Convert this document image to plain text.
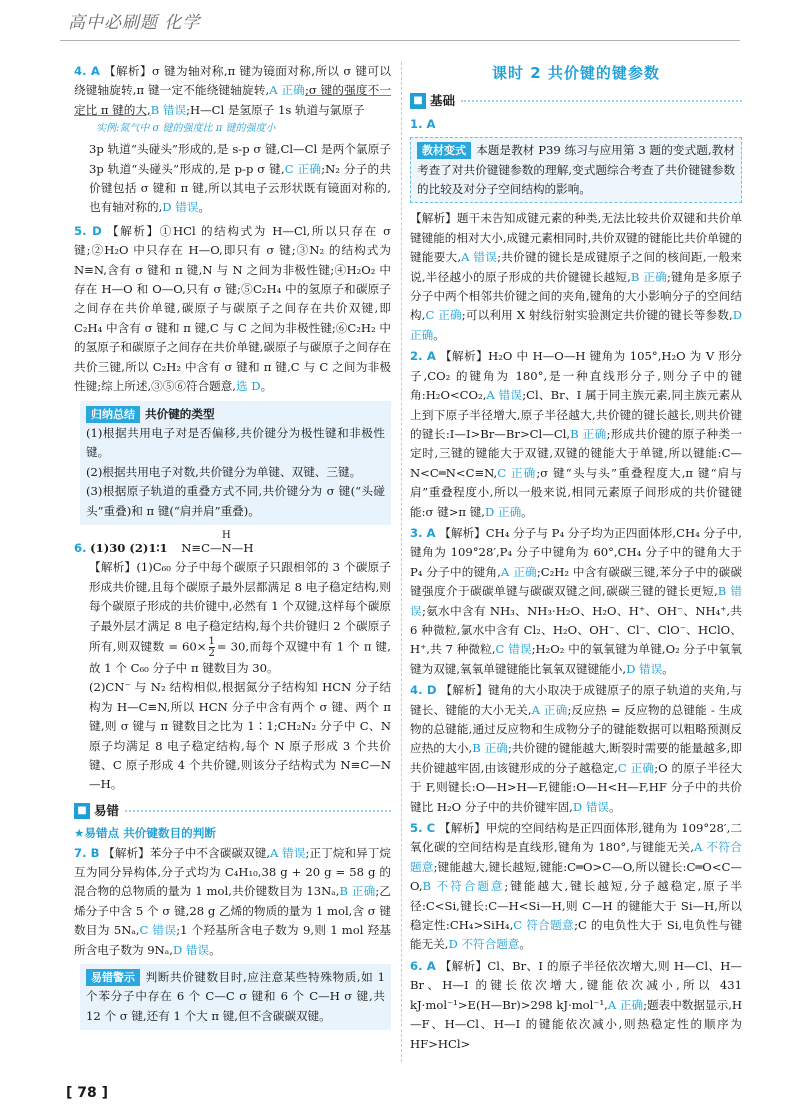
高中必刷题 化学

4. A 【解析】σ 键为轴对称,π 键为镜面对称,所以 σ 键可以绕键轴旋转,π 键一定不能绕键轴旋转,A 正确;σ 键的强度不一定比 π 键的大,B 错误;H—Cl 是氢原子 1s 轨道与氯原子

实例:氮气中 σ 键的强度比 π 键的强度小

3p 轨道“头碰头”形成的,是 s-p σ 键,Cl—Cl 是两个氯原子 3p 轨道“头碰头”形成的,是 p-p σ 键,C 正确;N₂ 分子的共价键包括 σ 键和 π 键,所以其电子云形状既有镜面对称的,也有轴对称的,D 错误。

5. D 【解析】①HCl 的结构式为 H—Cl,所以只存在 σ 键;②H₂O 中只存在 H—O,即只有 σ 键;③N₂ 的结构式为 N≡N,含有 σ 键和 π 键,N 与 N 之间为非极性键;④H₂O₂ 中存在 H—O 和 O—O,只有 σ 键;⑤C₂H₄ 中的氢原子和碳原子之间存在共价单键,碳原子与碳原子之间存在共价双键,即 C₂H₄ 中含有 σ 键和 π 键,C 与 C 之间为非极性键;⑥C₂H₂ 中的氢原子和碳原子之间存在共价单键,碳原子与碳原子之间存在共价三键,所以 C₂H₂ 中含有 σ 键和 π 键,C 与 C 之间为非极性键;综上所述,③⑤⑥符合题意,选 D。

归纳总结 共价键的类型

(1)根据共用电子对是否偏移,共价键分为极性键和非极性键。

(2)根据共用电子对数,共价键分为单键、双键、三键。

(3)根据原子轨道的重叠方式不同,共价键分为 σ 键(“头碰头”重叠)和 π 键(“肩并肩”重叠)。

6. (1)30 (2)1∶1
H
N≡C—N—H

【解析】(1)C₆₀ 分子中每个碳原子只跟相邻的 3 个碳原子形成共价键,且每个碳原子最外层都满足 8 电子稳定结构,则每个碳原子形成的共价键中,必然有 1 个双键,这样每个碳原子最外层才满足 8 电子稳定结构,每个共价键归 2 个碳原子所有,则双键数 = $60\times \frac{1}{2} = 30$,而每个双键中有 1 个 π 键,故 1 个 C₆₀ 分子中 π 键数目为 30。

(2)CN⁻ 与 N₂ 结构相似,根据氮分子结构知 HCN 分子结构为 H—C≡N,所以 HCN 分子中含有两个 σ 键、两个 π 键,则 σ 键与 π 键数目之比为 1∶1;CH₂N₂ 分子中 C、N 原子均满足 8 电子稳定结构,每个 N 原子形成 3 个共价键、C 原子形成 4 个共价键,则该分子结构式为 N≡C—N—H。

■ 易错

★易错点 共价键数目的判断

7. B 【解析】苯分子中不含碳碳双键,A 错误;正丁烷和异丁烷互为同分异构体,分子式均为 C₄H₁₀,38 g + 20 g = 58 g 的混合物的总物质的量为 1 mol,共价键数目为 13Nₐ,B 正确;乙烯分子中含 5 个 σ 键,28 g 乙烯的物质的量为 1 mol,含 σ 键数目为 5Nₐ,C 错误;1 个羟基所含电子数为 9,则 1 mol 羟基所含电子数为 9Nₐ,D 错误。

易错警示 判断共价键数目时,应注意某些特殊物质,如 1 个苯分子中存在 6 个 C—C σ 键和 6 个 C—H σ 键,共 12 个 σ 键,还有 1 个大 π 键,但不含碳碳双键。

课时 2 共价键的键参数
■ 基础

1. A

教材变式 本题是教材 P39 练习与应用第 3 题的变式题,教材考查了对共价键键参数的理解,变式题综合考查了共价键键参数的比较及对分子空间结构的影响。

【解析】题干未告知成键元素的种类,无法比较共价双键和共价单键键能的相对大小,成键元素相同时,共价双键的键能比共价单键的键能要大,A 错误;共价键的键长是成键原子之间的核间距,一般来说,半径越小的原子形成的共价键键长越短,B 正确;键角是多原子分子中两个相邻共价键之间的夹角,键角的大小影响分子的空间结构,C 正确;可以利用 X 射线衍射实验测定共价键的键长等参数,D 正确。

2. A 【解析】H₂O 中 H—O—H 键角为 105°,H₂O 为 V 形分子,CO₂ 的键角为 180°,是一种直线形分子,则分子中的键角:H₂O<CO₂,A 错误;Cl、Br、I 属于同主族元素,同主族元素从上到下原子半径增大,原子半径越大,共价键的键长越长,则共价键的键长:I—I>Br—Br>Cl—Cl,B 正确;形成共价键的原子种类一定时,三键的键能大于双键,双键的键能大于单键,所以键能:C—N<C═N<C≡N,C 正确;σ 键“头与头”重叠程度大,π 键“肩与肩”重叠程度小,所以一般来说,相同元素原子间形成的共价键键能:σ 键>π 键,D 正确。

3. A 【解析】CH₄ 分子与 P₄ 分子均为正四面体形,CH₄ 分子中,键角为 109°28′,P₄ 分子中键角为 60°,CH₄ 分子中的键角大于 P₄ 分子中的键角,A 正确;C₂H₂ 中含有碳碳三键,苯分子中的碳碳键强度介于碳碳单键与碳碳双键之间,碳碳三键的键长更短,B 错误;氨水中含有 NH₃、NH₃·H₂O、H₂O、H⁺、OH⁻、NH₄⁺,共 6 种微粒,氯水中含有 Cl₂、H₂O、OH⁻、Cl⁻、ClO⁻、HClO、H⁺,共 7 种微粒,C 错误;H₂O₂ 中的氧氧键为单键,O₂ 分子中氧氧键为双键,氧氧单键键能比氧氧双键键能小,D 错误。

4. D 【解析】键角的大小取决于成键原子的原子轨道的夹角,与键长、键能的大小无关,A 正确;反应热 = 反应物的总键能 - 生成物的总键能,通过反应物和生成物分子的键能数据可以粗略预测反应热的大小,B 正确;共价键的键能越大,断裂时需要的能量越多,即共价键越牢固,由该键形成的分子越稳定,C 正确;O 的原子半径大于 F,则键长:O—H>H—F,键能:O—H<H—F,HF 分子中的共价键比 H₂O 分子中的共价键牢固,D 错误。

5. C 【解析】甲烷的空间结构是正四面体形,键角为 109°28′,二氧化碳的空间结构是直线形,键角为 180°,与键能无关,A 不符合题意;键能越大,键长越短,键能:C═O>C—O,所以键长:C═O<C—O,B 不符合题意;键能越大,键长越短,分子越稳定,原子半径:C<Si,键长:C—H<Si—H,则 C—H 的键能大于 Si—H,所以稳定性:CH₄>SiH₄,C 符合题意;C 的电负性大于 Si,电负性与键能无关,D 不符合题意。

6. A 【解析】Cl、Br、I 的原子半径依次增大,则 H—Cl、H—Br、H—I 的键长依次增大,键能依次减小,所以 431 kJ·mol⁻¹>E(H—Br)>298 kJ·mol⁻¹,A 正确;题表中数据显示,H—F、H—Cl、H—I 的键能依次减小,则热稳定性的顺序为 HF>HCl>

[ 78 ]
